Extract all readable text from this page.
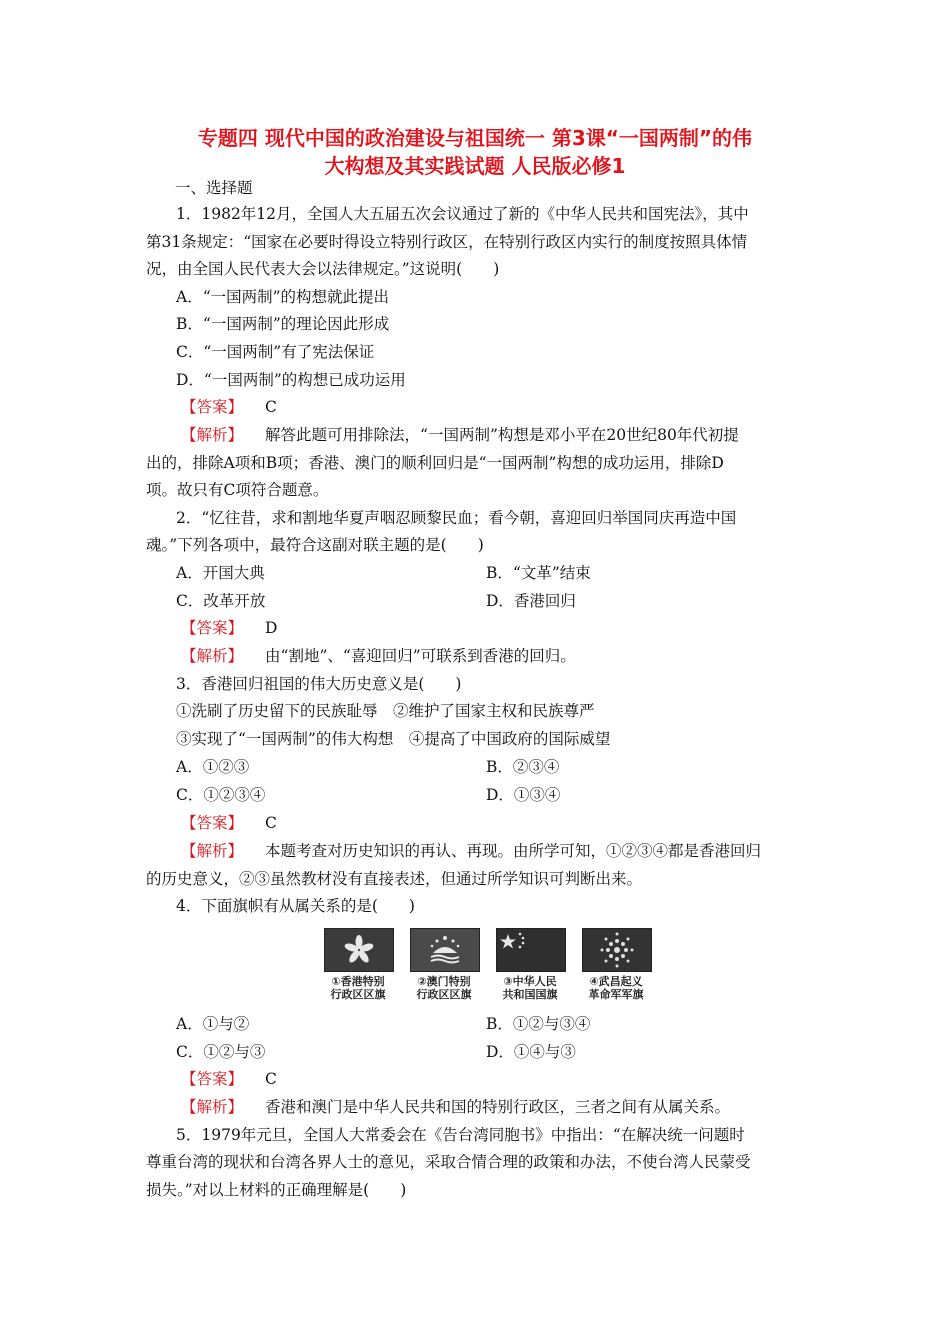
专题四 现代中国的政治建设与祖国统一 第3课“一国两制”的伟
大构想及其实践试题 人民版必修1
一、选择题
1．1982年12月，全国人大五届五次会议通过了新的《中华人民共和国宪法》，其中
第31条规定：“国家在必要时得设立特别行政区，在特别行政区内实行的制度按照具体情
况，由全国人民代表大会以法律规定。”这说明(　　)
A．“一国两制”的构想就此提出
B．“一国两制”的理论因此形成
C．“一国两制”有了宪法保证
D．“一国两制”的构想已成功运用
【答案】 C
【解析】 解答此题可用排除法，“一国两制”构想是邓小平在20世纪80年代初提
出的，排除A项和B项；香港、澳门的顺利回归是“一国两制”构想的成功运用，排除D
项。故只有C项符合题意。
2．“忆往昔，求和割地华夏声咽忍顾黎民血；看今朝，喜迎回归举国同庆再造中国
魂。”下列各项中，最符合这副对联主题的是(　　)
A．开国大典	B．“文革”结束
C．改革开放	D．香港回归
【答案】 D
【解析】 由“割地”、“喜迎回归”可联系到香港的回归。
3．香港回归祖国的伟大历史意义是(　　)
①洗刷了历史留下的民族耻辱　②维护了国家主权和民族尊严
③实现了“一国两制”的伟大构想　④提高了中国政府的国际威望
A．①②③	B．②③④
C．①②③④	D．①③④
【答案】 C
【解析】 本题考查对历史知识的再认、再现。由所学可知，①②③④都是香港回归
的历史意义，②③虽然教材没有直接表述，但通过所学知识可判断出来。
4．下面旗帜有从属关系的是(　　)
①香港特别
行政区区旗
②澳门特别
行政区区旗
③中华人民
共和国国旗
④武昌起义
革命军军旗
A．①与②	B．①②与③④
C．①②与③	D．①④与③
【答案】 C
【解析】 香港和澳门是中华人民共和国的特别行政区，三者之间有从属关系。
5．1979年元旦，全国人大常委会在《告台湾同胞书》中指出：“在解决统一问题时
尊重台湾的现状和台湾各界人士的意见，采取合情合理的政策和办法，不使台湾人民蒙受
损失。”对以上材料的正确理解是(　　)
